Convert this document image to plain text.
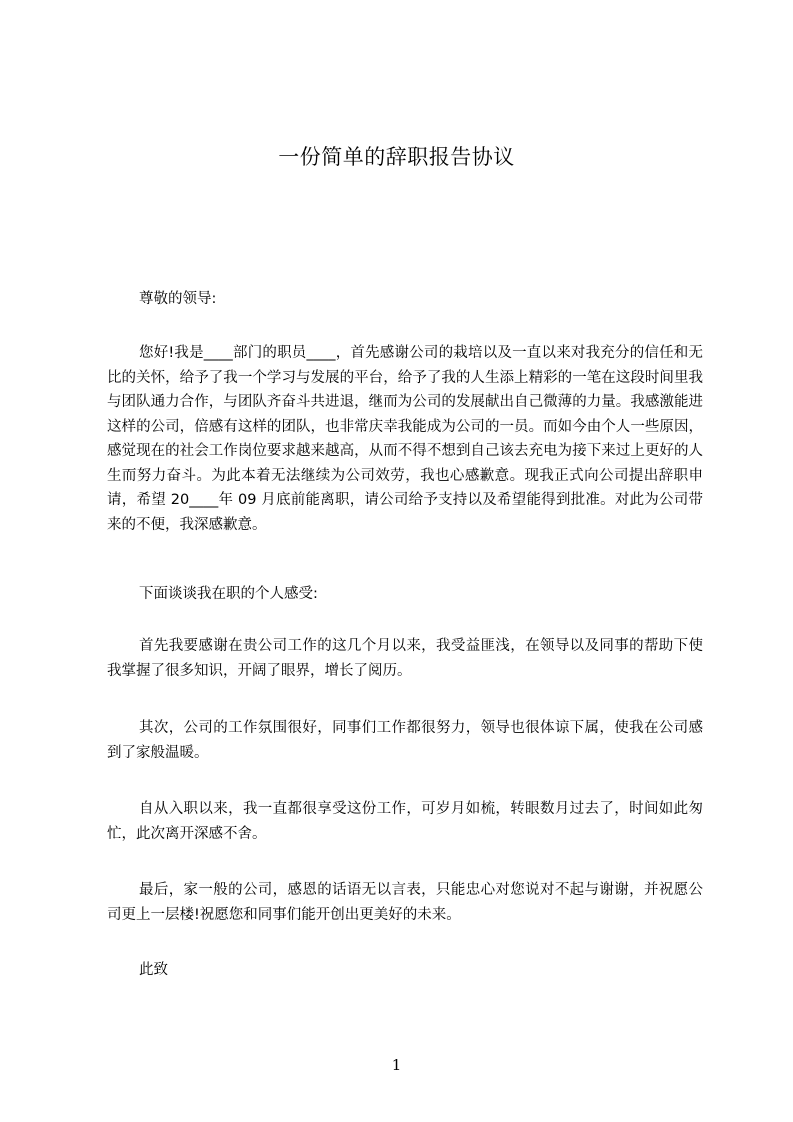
一份简单的辞职报告协议

尊敬的领导:

您好!我是____部门的职员____，首先感谢公司的栽培以及一直以来对我充分的信任和无比的关怀，给予了我一个学习与发展的平台，给予了我的人生添上精彩的一笔在这段时间里我与团队通力合作，与团队齐奋斗共进退，继而为公司的发展献出自己微薄的力量。我感激能进这样的公司，倍感有这样的团队，也非常庆幸我能成为公司的一员。而如今由个人一些原因，感觉现在的社会工作岗位要求越来越高，从而不得不想到自己该去充电为接下来过上更好的人生而努力奋斗。为此本着无法继续为公司效劳，我也心感歉意。现我正式向公司提出辞职申请，希望 20____年 09 月底前能离职，请公司给予支持以及希望能得到批准。对此为公司带来的不便，我深感歉意。

下面谈谈我在职的个人感受:

首先我要感谢在贵公司工作的这几个月以来，我受益匪浅，在领导以及同事的帮助下使我掌握了很多知识，开阔了眼界，增长了阅历。

其次，公司的工作氛围很好，同事们工作都很努力，领导也很体谅下属，使我在公司感到了家般温暖。

自从入职以来，我一直都很享受这份工作，可岁月如梳，转眼数月过去了，时间如此匆忙，此次离开深感不舍。

最后，家一般的公司，感恩的话语无以言表，只能忠心对您说对不起与谢谢，并祝愿公司更上一层楼!祝愿您和同事们能开创出更美好的未来。

此致

1
